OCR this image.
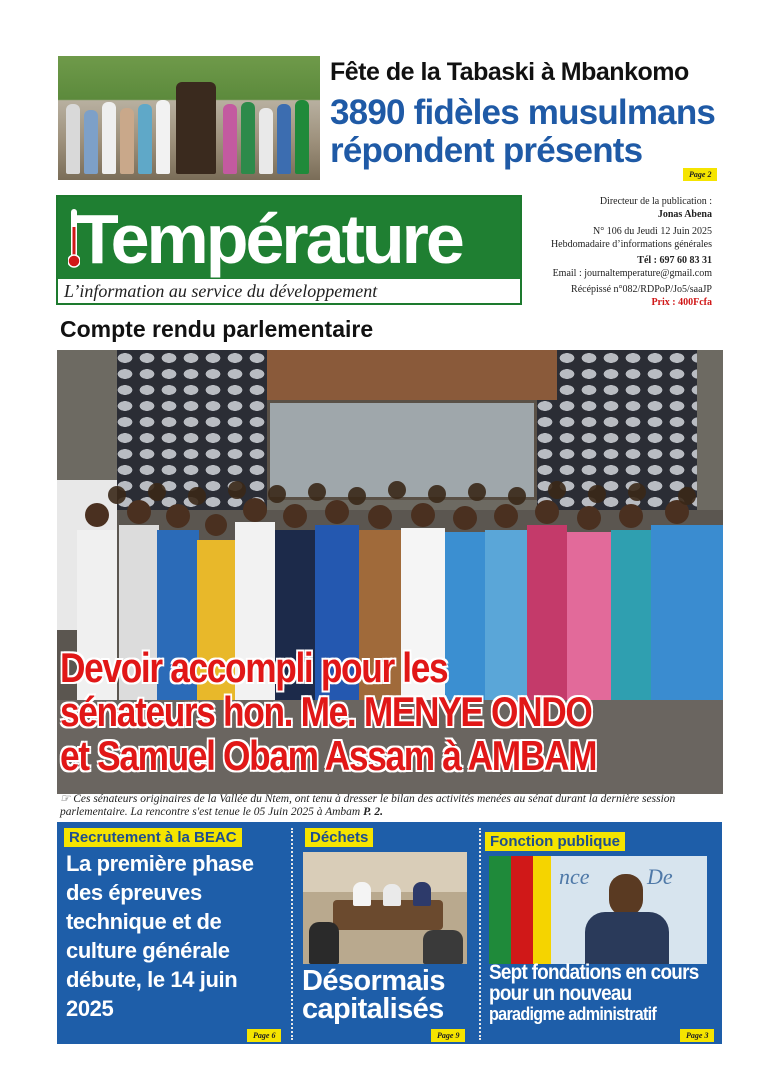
Fête de la Tabaski à Mbankomo
3890 fidèles musulmans
répondent présents
Page 2
Température
L’information au service du développement
Directeur de la publication :
Jonas Abena
N° 106 du Jeudi 12 Juin 2025
Hebdomadaire d’informations générales
Tél : 697 60 83 31
Email : journaltemperature@gmail.com
Récépissé n°082/RDPoP/Jo5/saaJP
Prix : 400Fcfa
Compte rendu parlementaire
Devoir accompli pour les
sénateurs hon. Me. MENYE ONDO
et Samuel Obam Assam à AMBAM
☞ Ces sénateurs originaires de la Vallée du Ntem, ont tenu à dresser le bilan des activités menées au sénat durant la dernière session parlementaire. La rencontre s'est tenue le 05 Juin 2025 à Ambam P. 2.
Recrutement à la BEAC
La première phase
des épreuves
technique et de
culture générale
débute, le 14 juin
2025
Page 6
Déchets
Désormais
capitalisés
Page 9
Fonction publique
De
nce
Sept fondations en cours
pour un nouveau
paradigme administratif
Page 3
